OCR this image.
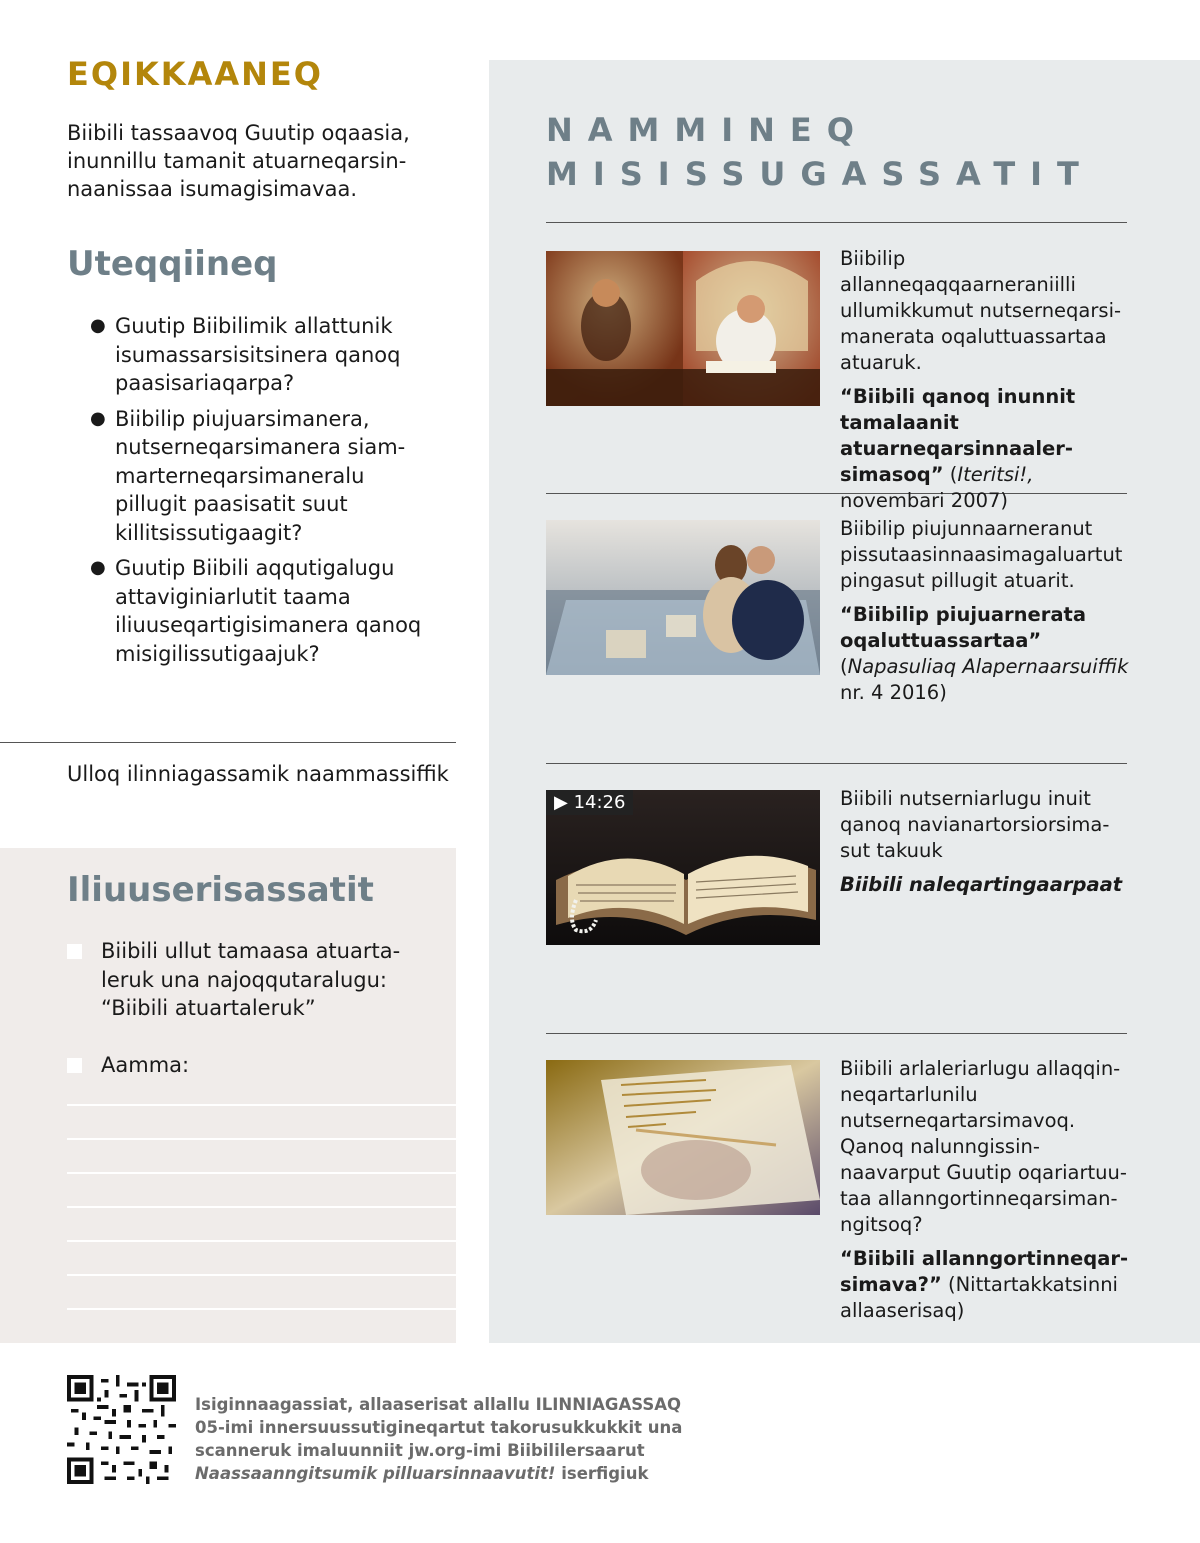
EQIKKAANEQ
Biibili tassaavoq Guutip oqaasia, inunnillu tamanit atuarneqarsinnaanissaa isumagisimavaa.
Uteqqiineq
● Guutip Biibilimik allattunik isumassarsisitsinera qanoq paasisariaqarpa?
● Biibilip piujuarsimanera, nutserneqarsimanera siammarterneqarsimaneralu pillugit paasisatit suut killitsissutigaagit?
● Guutip Biibili aqqutigalugu attaviginiarlutit taama iliuuseqartigisimanera qanoq misigilissutigaajuk?
Ulloq ilinniagassamik naammassiffik
Iliuuserisassatit
Biibili ullut tamaasa atuartaleruk una najoqqutaralugu: “Biibili atuartaleruk”
Aamma:
NAMMINEQ
MISISSUGASSATIT

Biibilip allanneqaqqaarneraniilli ullumikkumut nutserneqarsimanerata oqaluttuassartaa atuaruk.

“Biibili qanoq inunnit tamalaanit atuarneqarsinnaalersimasoq” (Iteritsi!, novembari 2007)

Biibilip piujunnaarneranut pissutaasinnaasimagaluartut pingasut pillugit atuarit.

“Biibilip piujuarnerata oqaluttuassartaa” (Napasuliaq Alapernaarsuiffik nr. 4 2016)

▶ 14:26	Biibili nutserniarlugu inuit qanoq navianartorsiorsimasut takuuk

Biibili naleqartingaarpaat

Biibili arlaleriarlugu allaqqinneqartarlunilu nutserneqartarsimavoq. Qanoq nalunngissinnaavarput Guutip oqariartuutaa allanngortinneqarsimanngitsoq?

“Biibili allanngortinneqarsimava?” (Nittartakkatsinni allaaserisaq)

Isiginnaagassiat, allaaserisat allallu ILINNIAGASSAQ 05-imi innersuussutigineqartut takorusukkukkit una scanneruk imaluunniit jw.org-imi Biibililersaarut Naassaanngitsumik pilluarsinnaavutit! iserfigiuk
